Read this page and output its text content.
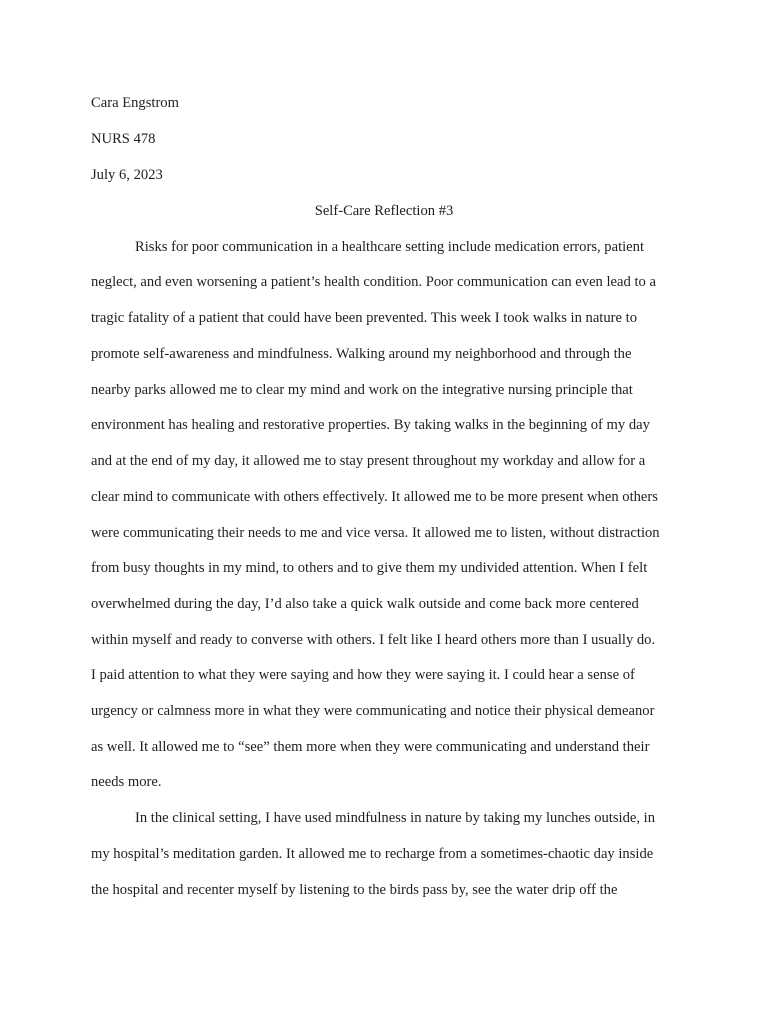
Cara Engstrom
NURS 478
July 6, 2023
Self-Care Reflection #3
Risks for poor communication in a healthcare setting include medication errors, patient
neglect, and even worsening a patient’s health condition. Poor communication can even lead to a
tragic fatality of a patient that could have been prevented. This week I took walks in nature to
promote self-awareness and mindfulness. Walking around my neighborhood and through the
nearby parks allowed me to clear my mind and work on the integrative nursing principle that
environment has healing and restorative properties. By taking walks in the beginning of my day
and at the end of my day, it allowed me to stay present throughout my workday and allow for a
clear mind to communicate with others effectively. It allowed me to be more present when others
were communicating their needs to me and vice versa. It allowed me to listen, without distraction
from busy thoughts in my mind, to others and to give them my undivided attention. When I felt
overwhelmed during the day, I’d also take a quick walk outside and come back more centered
within myself and ready to converse with others. I felt like I heard others more than I usually do.
I paid attention to what they were saying and how they were saying it. I could hear a sense of
urgency or calmness more in what they were communicating and notice their physical demeanor
as well. It allowed me to “see” them more when they were communicating and understand their
needs more.
In the clinical setting, I have used mindfulness in nature by taking my lunches outside, in
my hospital’s meditation garden. It allowed me to recharge from a sometimes-chaotic day inside
the hospital and recenter myself by listening to the birds pass by, see the water drip off the
